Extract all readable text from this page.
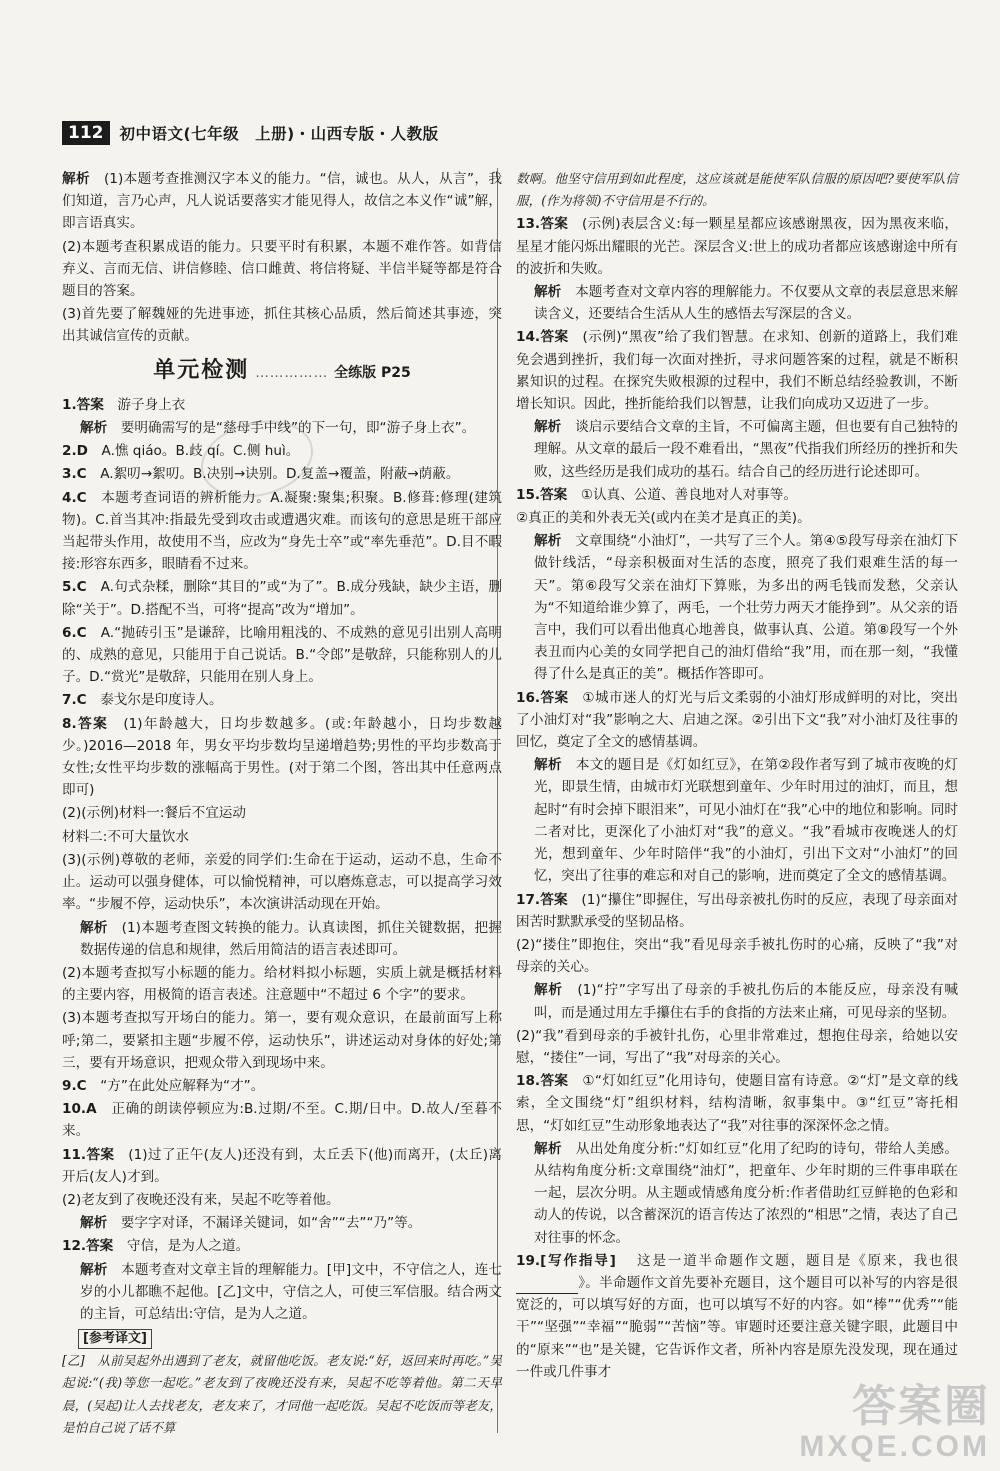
112	初中语文(七年级　上册)・山西专版・人教版
解析　 (1)本题考查推测汉字本义的能力。“信，诚也。从人，从言”，我们知道，言乃心声，凡人说话要落实才能见得人，故信之本义作“诚”解，即言语真实。
(2)本题考查积累成语的能力。只要平时有积累，本题不难作答。如背信弃义、言而无信、讲信修睦、信口雌黄、将信将疑、半信半疑等都是符合题目的答案。
(3)首先要了解魏娅的先进事迹，抓住其核心品质，然后简述其事迹，突出其诚信宣传的贡献。
单元检测 …………… 全练版 P25
1.答案　 游子身上衣
解析　 要明确需写的是“慈母手中线”的下一句，即“游子身上衣”。
2.D　 A.憔 qiáo。B.歧 qí。C.侧 huì。
3.C　 A.絮叨→絮叨。B.决别→诀别。D.复盖→覆盖，附蔽→荫蔽。
4.C　 本题考查词语的辨析能力。A.凝聚:聚集;积聚。B.修葺:修理(建筑物)。C.首当其冲:指最先受到攻击或遭遇灾难。而该句的意思是班干部应当起带头作用，故使用不当，应改为“身先士卒”或“率先垂范”。D.目不暇接:形容东西多，眼睛看不过来。
5.C　 A.句式杂糅，删除“其目的”或“为了”。B.成分残缺，缺少主语，删除“关于”。D.搭配不当，可将“提高”改为“增加”。
6.C　 A.“抛砖引玉”是谦辞，比喻用粗浅的、不成熟的意见引出别人高明的、成熟的意见，只能用于自己说话。B.“令郎”是敬辞，只能称别人的儿子。D.“赏光”是敬辞，只能用在别人身上。
7.C　 泰戈尔是印度诗人。
8.答案　 (1)年龄越大，日均步数越多。(或:年龄越小，日均步数越少。)2016—2018 年，男女平均步数均呈递增趋势;男性的平均步数高于女性;女性平均步数的涨幅高于男性。(对于第二个图，答出其中任意两点即可)
(2)(示例)材料一:餐后不宜运动
材料二:不可大量饮水
(3)(示例)尊敬的老师，亲爱的同学们:生命在于运动，运动不息，生命不止。运动可以强身健体，可以愉悦精神，可以磨炼意志，可以提高学习效率。“步履不停，运动快乐”，本次演讲活动现在开始。
解析　 (1)本题考查图文转换的能力。认真读图，抓住关键数据，把握数据传递的信息和规律，然后用简洁的语言表述即可。
(2)本题考查拟写小标题的能力。给材料拟小标题，实质上就是概括材料的主要内容，用极简的语言表述。注意题中“不超过 6 个字”的要求。
(3)本题考查拟写开场白的能力。第一，要有观众意识，在最前面写上称呼;第二，要紧扣主题“步履不停，运动快乐”，讲述运动对身体的好处;第三，要有开场意识，把观众带入到现场中来。
9.C　 “方”在此处应解释为“才”。
10.A　 正确的朗读停顿应为:B.过期/不至。C.期/日中。D.故人/至暮不来。
11.答案　 (1)过了正午(友人)还没有到，太丘丢下(他)而离开，(太丘)离开后(友人)才到。
(2)老友到了夜晚还没有来，吴起不吃等着他。
解析　 要字字对译，不漏译关键词，如“舍”“去”“乃”等。
12.答案　 守信，是为人之道。
解析　 本题考查对文章主旨的理解能力。[甲]文中，不守信之人，连七岁的小儿都瞧不起他。[乙]文中，守信之人，可使三军信服。结合两文的主旨，可总结出:守信，是为人之道。
[参考译文]
[乙]　从前吴起外出遇到了老友，就留他吃饭。老友说:“好，返回来时再吃。”吴起说:“(我)等您一起吃。”老友到了夜晚还没有来，吴起不吃等着他。第二天早晨，(吴起)让人去找老友，老友来了，才同他一起吃饭。吴起不吃饭而等老友，是怕自己说了话不算
数啊。他坚守信用到如此程度，这应该就是能使军队信服的原因吧?要使军队信服，(作为将领)不守信用是不行的。
13.答案　 (示例)表层含义:每一颗星星都应该感谢黑夜，因为黑夜来临，星星才能闪烁出耀眼的光芒。深层含义:世上的成功者都应该感谢途中所有的波折和失败。
解析　 本题考查对文章内容的理解能力。不仅要从文章的表层意思来解读含义，还要结合生活从人生的感悟去写深层的含义。
14.答案　 (示例)“黑夜”给了我们智慧。在求知、创新的道路上，我们难免会遇到挫折，我们每一次面对挫折，寻求问题答案的过程，就是不断积累知识的过程。在探究失败根源的过程中，我们不断总结经验教训，不断增长知识。因此，挫折能给我们以智慧，让我们向成功又迈进了一步。
解析　 谈启示要结合文章的主旨，不可偏离主题，但也要有自己独特的理解。从文章的最后一段不难看出，“黑夜”代指我们所经历的挫折和失败，这些经历是我们成功的基石。结合自己的经历进行论述即可。
15.答案　 ①认真、公道、善良地对人对事等。
②真正的美和外表无关(或内在美才是真正的美)。
解析　 文章围绕“小油灯”，一共写了三个人。第④⑤段写母亲在油灯下做针线活，“母亲积极面对生活的态度，照亮了我们艰难生活的每一天”。第⑥段写父亲在油灯下算账，为多出的两毛钱而发愁，父亲认为“不知道给谁少算了，两毛，一个壮劳力两天才能挣到”。从父亲的语言中，我们可以看出他真心地善良，做事认真、公道。第⑧段写一个外表丑而内心美的女同学把自己的油灯借给“我”用，而在那一刻，“我懂得了什么是真正的美”。概括作答即可。
16.答案　 ①城市迷人的灯光与后文柔弱的小油灯形成鲜明的对比，突出了小油灯对“我”影响之大、启迪之深。②引出下文“我”对小油灯及往事的回忆，奠定了全文的感情基调。
解析　 本文的题目是《灯如红豆》，在第②段作者写到了城市夜晚的灯光，即景生情，由城市灯光联想到童年、少年时用过的油灯，而且，想起时“有时会掉下眼泪来”，可见小油灯在“我”心中的地位和影响。同时二者对比，更深化了小油灯对“我”的意义。“我”看城市夜晚迷人的灯光，想到童年、少年时陪伴“我”的小油灯，引出下文对“小油灯”的回忆，突出了往事的难忘和对自己的影响，进而奠定了全文的感情基调。
17.答案　 (1)“攥住”即握住，写出母亲被扎伤时的反应，表现了母亲面对困苦时默默承受的坚韧品格。
(2)“搂住”即抱住，突出“我”看见母亲手被扎伤时的心痛，反映了“我”对母亲的关心。
解析　 (1)“拧”字写出了母亲的手被扎伤后的本能反应，母亲没有喊叫，而是通过用左手攥住右手的食指的方法来止痛，可见母亲的坚韧。
(2)“我”看到母亲的手被针扎伤，心里非常难过，想抱住母亲，给她以安慰，“搂住”一词，写出了“我”对母亲的关心。
18.答案　 ①“灯如红豆”化用诗句，使题目富有诗意。②“灯”是文章的线索，全文围绕“灯”组织材料，结构清晰，叙事集中。③“红豆”寄托相思，“灯如红豆”生动形象地表达了“我”对往事的深深怀念之情。
解析　 从出处角度分析:“灯如红豆”化用了纪昀的诗句，带给人美感。从结构角度分析:文章围绕“油灯”，把童年、少年时期的三件事串联在一起，层次分明。从主题或情感角度分析:作者借助红豆鲜艳的色彩和动人的传说，以含蓄深沉的语言传达了浓烈的“相思”之情，表达了自己对往事的怀念。
19.[写作指导]　 这是一道半命题作文题，题目是《原来，我也很》。半命题作文首先要补充题目，这个题目可以补写的内容是很宽泛的，可以填写好的方面，也可以填写不好的内容。如“棒”“优秀”“能干”“坚强”“幸福”“脆弱”“苦恼”等。审题时还要注意关键字眼，此题目中的“原来”“也”是关键，它告诉作文者，所补内容是原先没发现，现在通过一件或几件事才
答案圈
MXQE.COM
